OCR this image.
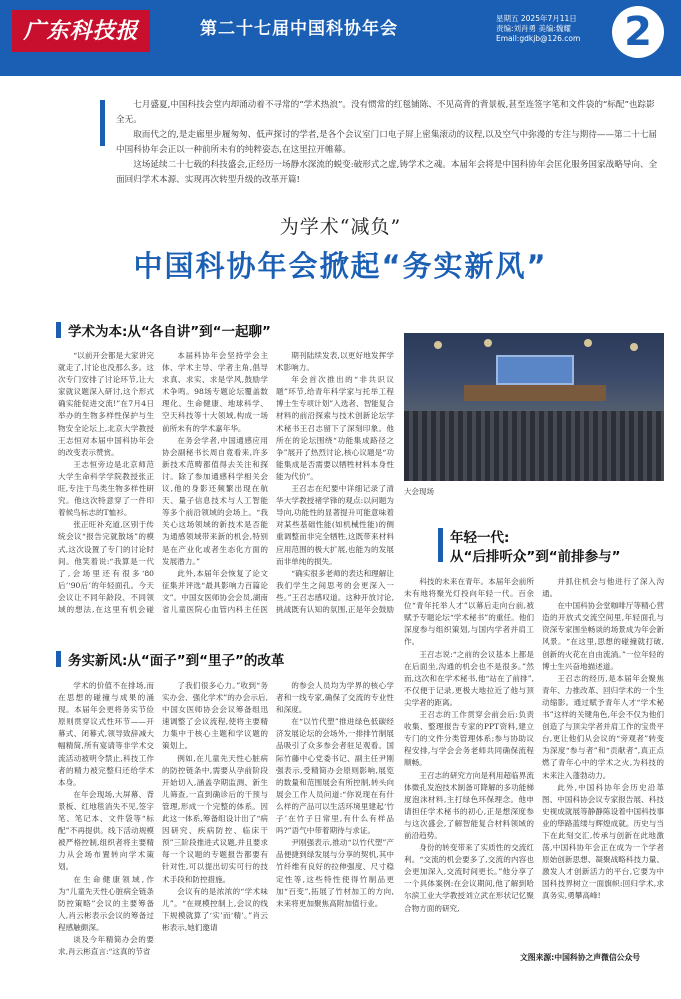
广东科技报	第二十七届中国科协年会
星期五 2025年7月11日
责编:刘肖勇 美编:魏耀
Email:gdkjb@126.com	2

七月盛夏,中国科技会堂内却涌动着不寻常的“学术热浪”。没有惯常的红毯铺陈、不见高背的背景板,甚至连签字笔和文件袋的“标配”也踪影全无。

取而代之的,是走廊里步履匆匆、低声探讨的学者,是各个会议室门口电子屏上密集滚动的议程,以及空气中弥漫的专注与期待——第二十七届中国科协年会正以一种前所未有的纯粹姿态,在这里拉开帷幕。

这场延续二十七载的科技盛会,正经历一场静水深流的蜕变:破形式之虚,铸学术之魂。本届年会将是中国科协年会匡化服务国家战略导向、全面回归学术本源、实现再次转型升级的改革开篇!

为学术“减负”
中国科协年会掀起“务实新风”
学术为本:从“各自讲”到“一起聊”

“以前开会都是大家讲完就走了,讨论也没那么多。这次专门安排了讨论环节,让大家就议题深入研讨,这个形式确实能促进交流!”在7月4日举办的生物多样性保护与生物安全论坛上,北京大学教授王志恒对本届中国科协年会的改变表示赞赏。

王志恒旁边是北京师范大学生命科学学院教授张正旺,专注于鸟类生物多样性研究。他这次特意穿了一件印着候鸟标志的T恤衫。

张正旺补充道,区别于传统会议“报告完就散场”的模式,这次设置了专门的讨论时间。他笑着说:“我算是一代了,会场里还有很多‘80后’‘90后’的年轻面孔。今天会议让不同年龄段、不同领域的想法,在这里有机会碰

本届科协年会坚持学会主体、学术主导、学者主角,倡导求真、求实、求是学风,鼓励学术争鸣。98场专题论坛覆盖数理化、生命健康、地球科学、空天科技等十大领域,构成一场前所未有的学术嘉年华。

在务会学者,中国通感应用协会副秘书长周自竟看来,许多新技术范畴都值得去关注和探讨。除了参加通感科学相关会议,他的身影还频繁出现在航天、量子信息技术与人工智能等多个前沿领域的会场上。“我关心这场领域的新技术是否能为通感领域带来新的机会,特别是在产业化或者生态化方面的发展潜力。”

此外,本届年会恢复了论文征集并评选“最具影响力百篇论文”。中国女医师协会会员,湖南省儿童医院心血管内科主任医

期刊陆续发表,以更好地发挥学术影响力。

年会首次推出的“非共识议题”环节,给青年科学家与托举工程博士生专项计划”入选者、智能复合材料的前沿探索与技术创新论坛学术秘书王召志留下了深刻印象。他所在的论坛围绕“功能集成路径之争”展开了热烈讨论,核心议题是“功能集成是否需要以牺牲材料本身性能为代价”。

王召志在纪要中详细记录了清华大学教授褚学锋的观点:以问题为导向,功能性的显著提升可能意味着对某些基础性能(如机械性能)的侧重调整而非完全牺牲,这既带来材料应用范围的极大扩展,也能为的发展而非单纯的损失。

“确实很多老师的表达和理解让我们学生之间思考的会更深入一些。”王召志感叹道。这种开放讨论,挑战既有认知的氛围,正是年会鼓励

大会现场
年轻一代:
从“后排听众”到“前排参与”

科技的未来在青年。本届年会前所未有地将聚光灯投向年轻一代。百余位“青年托举人才”以幕后走向台前,被赋予专题论坛“学术秘书”的重任。他们深度参与组织策划,与国内学者并肩工作。

王召志说:“之前的会议基本上都是在后面坐,沟通的机会也不是很多。”然而,这次和在学术秘书,他“站在了前排”,不仅便于记录,更极大地拉近了他与顶尖学者的距离。

王召志的工作贯穿会前会后:负责收集、整理报告专家的PPT资料,建立专门的文件分类管理体系;参与协助议程安排,与学会会务老师共同确保流程顺畅。

王召志的研究方向是利用超临界流体微孔发泡技术制备可降解的多功能梯度泡沫材料,主打绿色环保理念。他申请担任学术秘书的初心,正是想深度参与这次盛会,了解智能复合材料领域的前沿趋势。

身份的转变带来了实质性的交流红利。“交流的机会要多了,交流的内容也会更加深入,交流时间更长。”他分享了一个具体案例:在会议期间,他了解到哈尔滨工业大学教授刘立武在形状记忆聚合物方面的研究,

并抓住机会与他进行了深入沟通。

在中国科协会堂咖啡厅等精心营造的开放式交流空间里,年轻面孔与资深专家围坐畅谈的场景成为年会新风景。“在这里,思想的碰撞就打破,创新的火花在自由流淌。”一位年轻的博士生兴奋地描述道。

王召志的经历,是本届年会聚焦青年、力推改革、回归学术的一个生动缩影。通过赋予青年人才“学术秘书”这样的关键角色,年会不仅为他们创造了与顶尖学者并肩工作的宝贵平台,更让他们从会议的“旁观者”转变为深度“参与者”和“贡献者”,真正点燃了青年心中的学术之火,为科技的未来注入蓬勃动力。

此外,中国科协年会历史沿革图、中国科协会议专家报告展、科技史视成就展等静静陈设着中国科技事业的筚路蓝缕与辉煌成就。历史与当下在此刻交汇,传承与创新在此地激荡,中国科协年会正在成为一个学者原始创新思想、凝聚战略科技力量、激发人才创新活力的平台,它要为中国科技界树立一面旗帜:回归学术,求真务实,勇攀高峰!

务实新风:从“面子”到“里子”的改革

学术的价值不在排场,而在思想的碰撞与成果的涌现。本届年会更将务实节俭原则贯穿议式性环节——开幕式、闭幕式,领导致辞减大幅精简,所有宴请等非学术交流活动被明令禁止,科技工作者的精力被完整归还给学术本身。

在年会现场,大屏幕、背景板、红地毯消失不见,签字笔、笔记本、文件袋等“标配”不再提供。线下活动规模被严格控制,组织者将主要精力从会场布置转向学术策划。

在生命健康领域,作为“儿童先天性心脏病全链条防控策略”会议的主要筹备人,肖云彬表示会议的筹备过程感触颇深。

谈及今年精简办会的要求,肖云彬直言:“这真的节省

了我们很多心力。”收到“务实办会、强化学术”的办会示后,中国女医师协会会议筹备组迅速调整了会议流程,使将主要精力集中于核心主题和学议题的策划上。

例如,在儿童先天性心脏病的防控链条中,需要从孕前阶段开始切入,涵盖孕期监测、新生儿筛查,一直到确诊后的干预与管理,形成一个完整的体系。因此这一体系,筹备组设计出了“病因研究、疾病防控、临床干预”三阶段推进式议题,并且要求每一个议题的专题报告都要有针对性,可以提出切实可行的技术手段和防控措施。

会议有的是浓浓的“学术味儿”。“在规模控制上,会议的线下规模就算了‘实’而‘精’。”肖云彬表示,她们邀请

的参会人员均为学界的核心学者和一线专家,确保了交流的专业性和深度。

在“以竹代塑”推进绿色低碳经济发展论坛的会场外,一排排竹制展品吸引了众多参会者驻足观看。国际竹藤中心党委书记、副主任尹刚强表示,受精简办会原则影响,展览的数量和范围展会有所控制,转头向展会工作人员问道:“你说现在有什么样的产品可以生活环境里建起‘竹子’在竹子日常里,有什么有样品吗?”语气中带着期待与求证。

尹刚强表示,推动“以竹代塑”产品便捷到绿发展与分享的契机,其中竹纤维有良好的拉伸强度、尺寸稳定性等,这些特性使得竹制品更加“百变”,拓展了竹材加工的方向,未来将更加聚焦高附加值行业。

文图来源:中国科协之声微信公众号
